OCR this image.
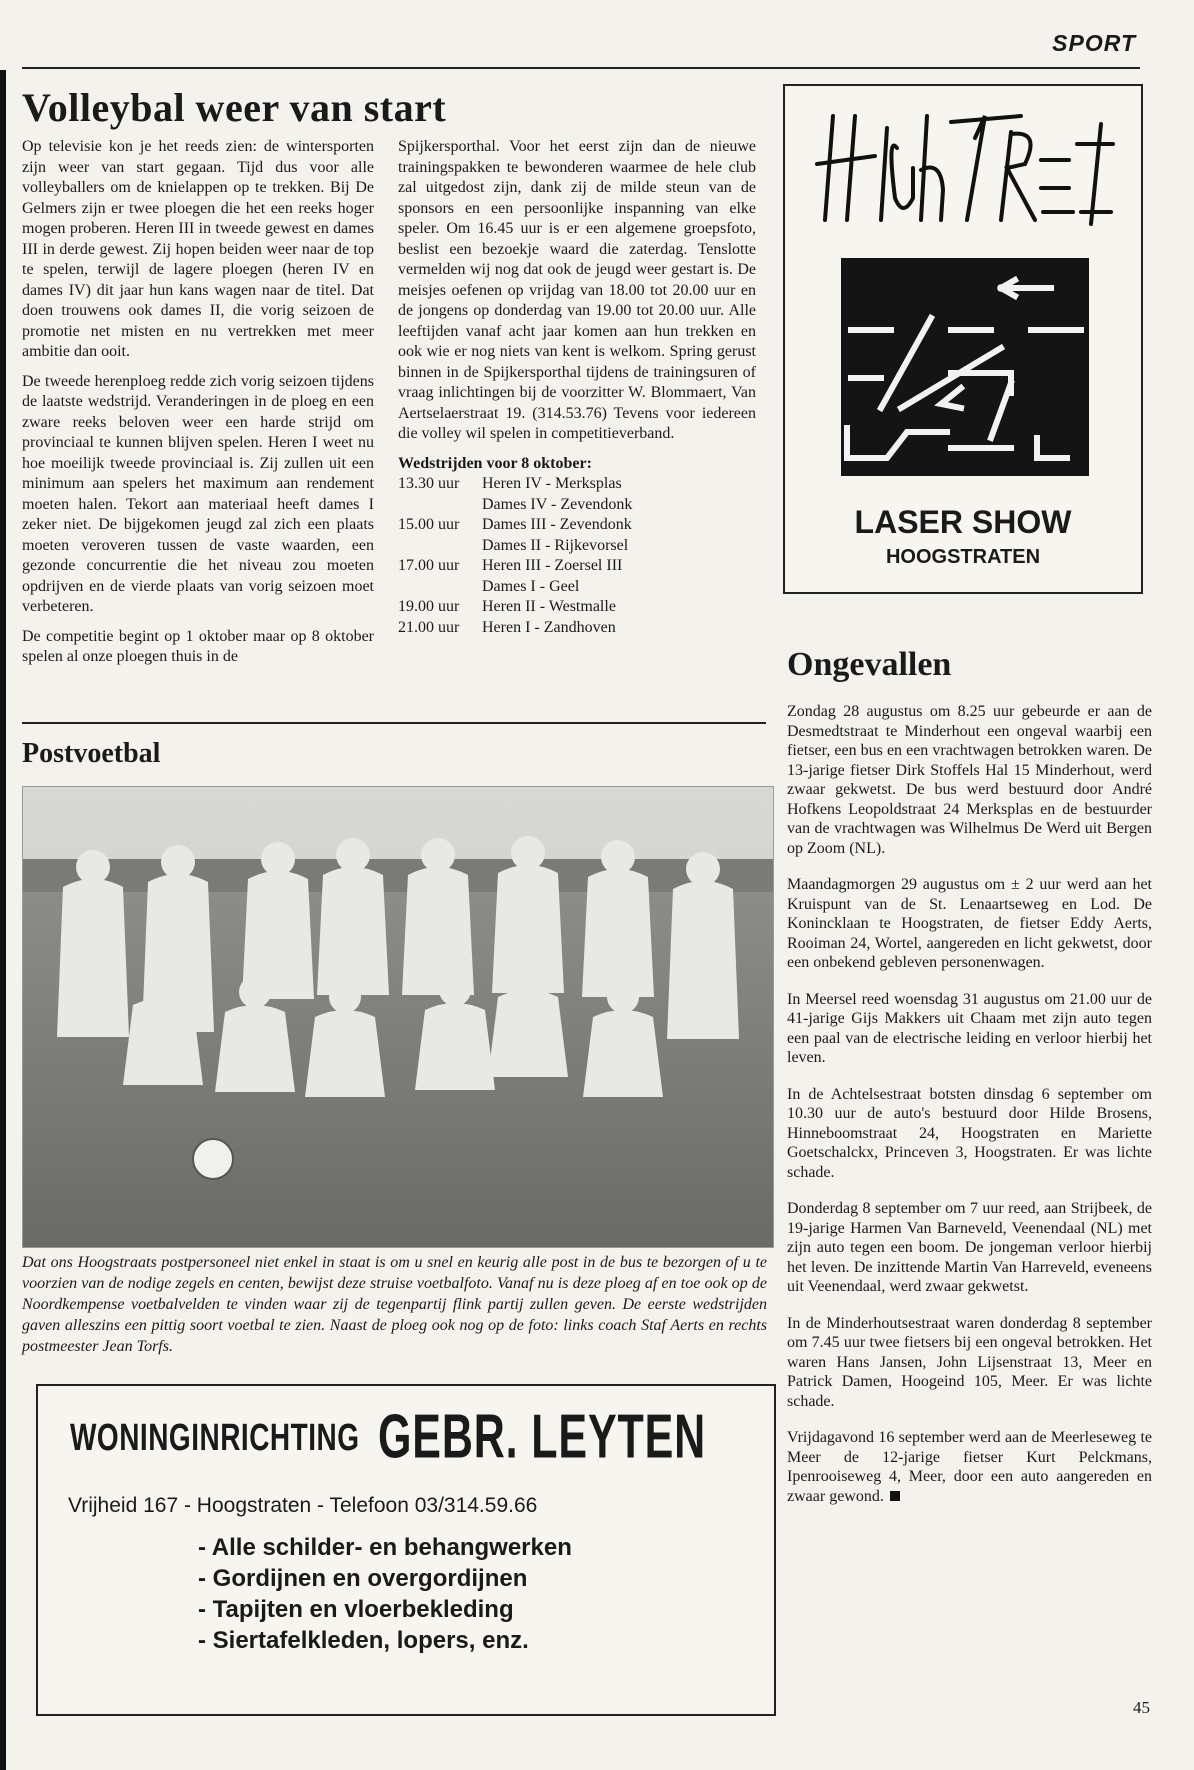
SPORT
Volleybal weer van start

Op televisie kon je het reeds zien: de wintersporten zijn weer van start gegaan. Tijd dus voor alle volleyballers om de knielappen op te trekken. Bij De Gelmers zijn er twee ploegen die het een reeks hoger mogen proberen. Heren III in tweede gewest en dames III in derde gewest. Zij hopen beiden weer naar de top te spelen, terwijl de lagere ploegen (heren IV en dames IV) dit jaar hun kans wagen naar de titel. Dat doen trouwens ook dames II, die vorig seizoen de promotie net misten en nu vertrekken met meer ambitie dan ooit.

De tweede herenploeg redde zich vorig seizoen tijdens de laatste wedstrijd. Veranderingen in de ploeg en een zware reeks beloven weer een harde strijd om provinciaal te kunnen blijven spelen. Heren I weet nu hoe moeilijk tweede provinciaal is. Zij zullen uit een minimum aan spelers het maximum aan rendement moeten halen. Tekort aan materiaal heeft dames I zeker niet. De bijgekomen jeugd zal zich een plaats moeten veroveren tussen de vaste waarden, een gezonde concurrentie die het niveau zou moeten opdrijven en de vierde plaats van vorig seizoen moet verbeteren.

De competitie begint op 1 oktober maar op 8 oktober spelen al onze ploegen thuis in de

Spijkersporthal. Voor het eerst zijn dan de nieuwe trainingspakken te bewonderen waarmee de hele club zal uitgedost zijn, dank zij de milde steun van de sponsors en een persoonlijke inspanning van elke speler. Om 16.45 uur is er een algemene groepsfoto, beslist een bezoekje waard die zaterdag. Tenslotte vermelden wij nog dat ook de jeugd weer gestart is. De meisjes oefenen op vrijdag van 18.00 tot 20.00 uur en de jongens op donderdag van 19.00 tot 20.00 uur. Alle leeftijden vanaf acht jaar komen aan hun trekken en ook wie er nog niets van kent is welkom. Spring gerust binnen in de Spijkersporthal tijdens de trainingsuren of vraag inlichtingen bij de voorzitter W. Blommaert, Van Aertselaerstraat 19. (314.53.76) Tevens voor iedereen die volley wil spelen in competitieverband.

Wedstrijden voor 8 oktober:
13.30 uur	Heren IV - Merksplas
	Dames IV - Zevendonk
15.00 uur	Dames III - Zevendonk
	Dames II - Rijkevorsel
17.00 uur	Heren III - Zoersel III
	Dames I - Geel
19.00 uur	Heren II - Westmalle
21.00 uur	Heren I - Zandhoven
Postvoetbal
Dat ons Hoogstraats postpersoneel niet enkel in staat is om u snel en keurig alle post in de bus te bezorgen of u te voorzien van de nodige zegels en centen, bewijst deze struise voetbalfoto. Vanaf nu is deze ploeg af en toe ook op de Noordkempense voetbalvelden te vinden waar zij de tegenpartij flink partij zullen geven. De eerste wedstrijden gaven alleszins een pittig soort voetbal te zien. Naast de ploeg ook nog op de foto: links coach Staf Aerts en rechts postmeester Jean Torfs.
WONINGINRICHTING GEBR. LEYTEN
Vrijheid 167 - Hoogstraten - Telefoon 03/314.59.66
- Alle schilder- en behangwerken
- Gordijnen en overgordijnen
- Tapijten en vloerbekleding
- Siertafelkleden, lopers, enz.
LASER SHOW
HOOGSTRATEN
Ongevallen

Zondag 28 augustus om 8.25 uur gebeurde er aan de Desmedtstraat te Minderhout een ongeval waarbij een fietser, een bus en een vrachtwagen betrokken waren. De 13-jarige fietser Dirk Stoffels Hal 15 Minderhout, werd zwaar gekwetst. De bus werd bestuurd door André Hofkens Leopoldstraat 24 Merksplas en de bestuurder van de vrachtwagen was Wilhelmus De Werd uit Bergen op Zoom (NL).

Maandagmorgen 29 augustus om ± 2 uur werd aan het Kruispunt van de St. Lenaartseweg en Lod. De Konincklaan te Hoogstraten, de fietser Eddy Aerts, Rooiman 24, Wortel, aangereden en licht gekwetst, door een onbekend gebleven personenwagen.

In Meersel reed woensdag 31 augustus om 21.00 uur de 41-jarige Gijs Makkers uit Chaam met zijn auto tegen een paal van de electrische leiding en verloor hierbij het leven.

In de Achtelsestraat botsten dinsdag 6 september om 10.30 uur de auto's bestuurd door Hilde Brosens, Hinneboomstraat 24, Hoogstraten en Mariette Goetschalckx, Princeven 3, Hoogstraten. Er was lichte schade.

Donderdag 8 september om 7 uur reed, aan Strijbeek, de 19-jarige Harmen Van Barneveld, Veenendaal (NL) met zijn auto tegen een boom. De jongeman verloor hierbij het leven. De inzittende Martin Van Harreveld, eveneens uit Veenendaal, werd zwaar gekwetst.

In de Minderhoutsestraat waren donderdag 8 september om 7.45 uur twee fietsers bij een ongeval betrokken. Het waren Hans Jansen, John Lijsenstraat 13, Meer en Patrick Damen, Hoogeind 105, Meer. Er was lichte schade.

Vrijdagavond 16 september werd aan de Meerleseweg te Meer de 12-jarige fietser Kurt Pelckmans, Ipenrooiseweg 4, Meer, door een auto aangereden en zwaar gewond.

45
